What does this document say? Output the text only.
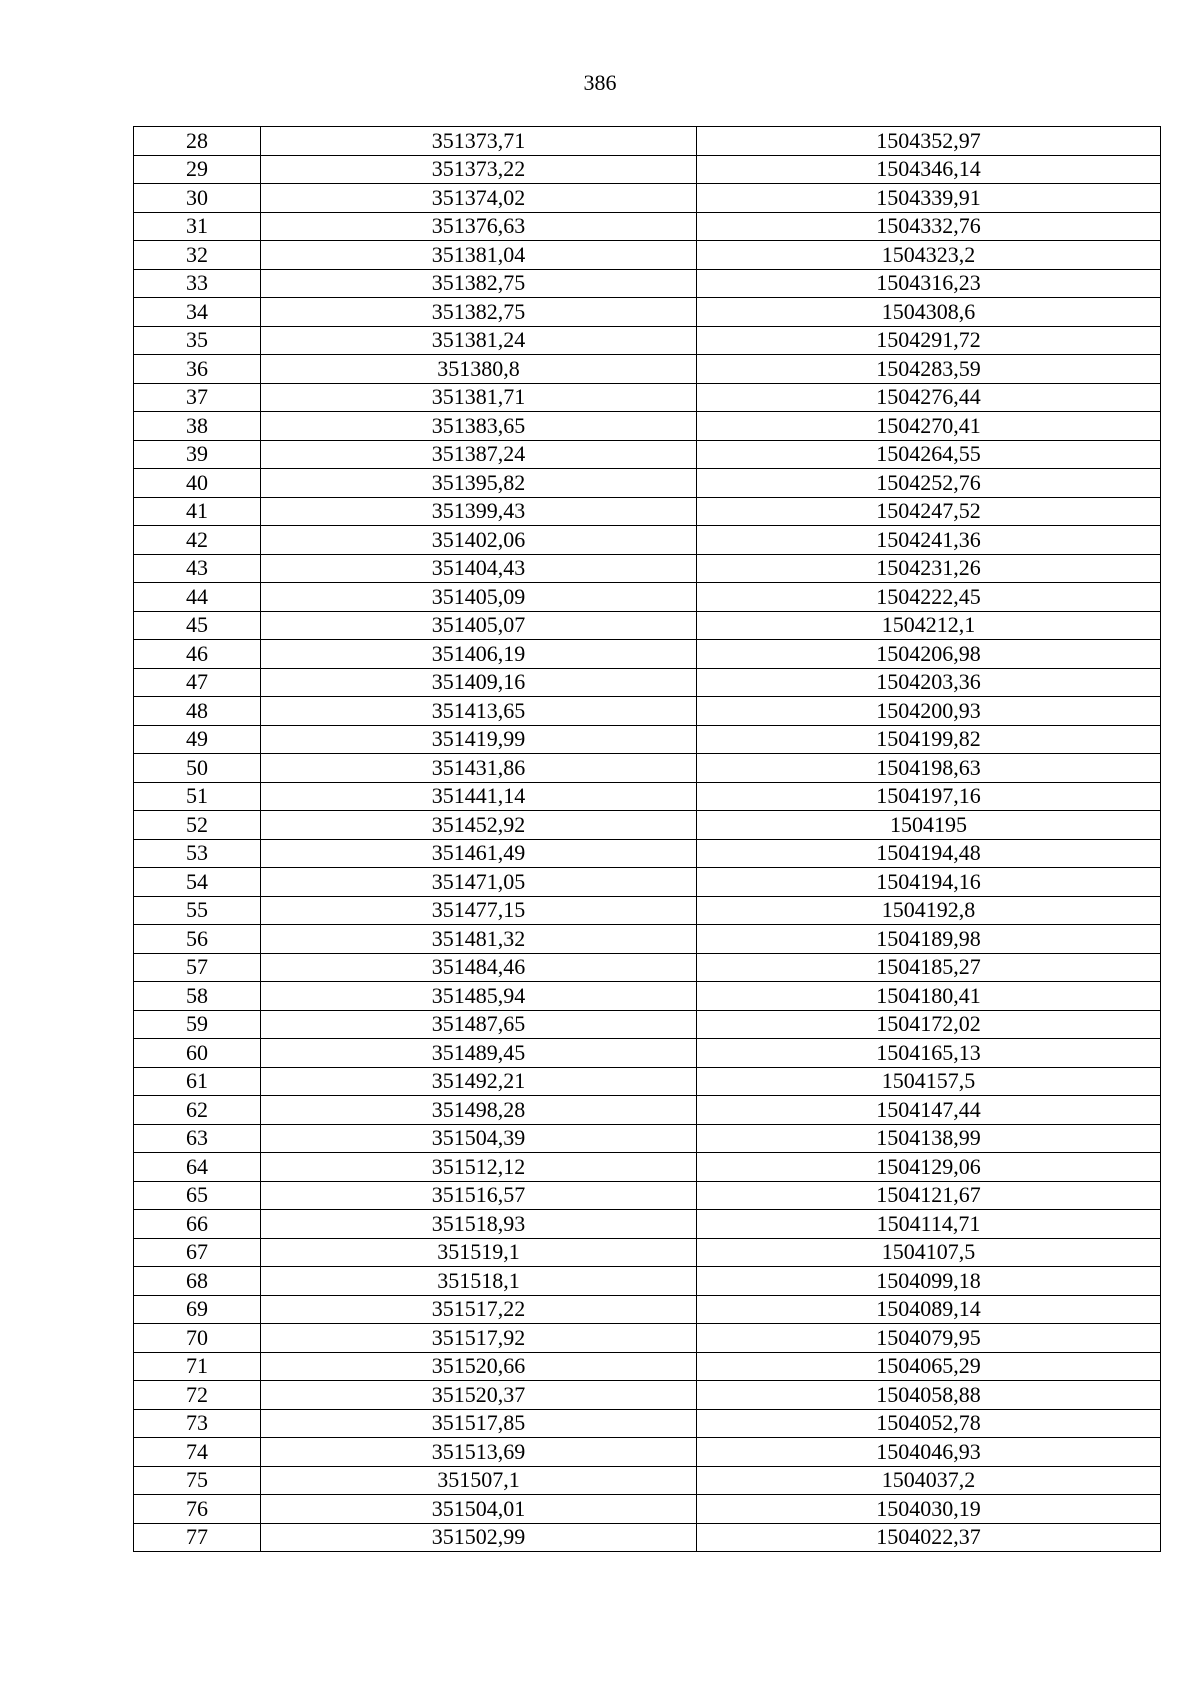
386
28	351373,71	1504352,97
29	351373,22	1504346,14
30	351374,02	1504339,91
31	351376,63	1504332,76
32	351381,04	1504323,2
33	351382,75	1504316,23
34	351382,75	1504308,6
35	351381,24	1504291,72
36	351380,8	1504283,59
37	351381,71	1504276,44
38	351383,65	1504270,41
39	351387,24	1504264,55
40	351395,82	1504252,76
41	351399,43	1504247,52
42	351402,06	1504241,36
43	351404,43	1504231,26
44	351405,09	1504222,45
45	351405,07	1504212,1
46	351406,19	1504206,98
47	351409,16	1504203,36
48	351413,65	1504200,93
49	351419,99	1504199,82
50	351431,86	1504198,63
51	351441,14	1504197,16
52	351452,92	1504195
53	351461,49	1504194,48
54	351471,05	1504194,16
55	351477,15	1504192,8
56	351481,32	1504189,98
57	351484,46	1504185,27
58	351485,94	1504180,41
59	351487,65	1504172,02
60	351489,45	1504165,13
61	351492,21	1504157,5
62	351498,28	1504147,44
63	351504,39	1504138,99
64	351512,12	1504129,06
65	351516,57	1504121,67
66	351518,93	1504114,71
67	351519,1	1504107,5
68	351518,1	1504099,18
69	351517,22	1504089,14
70	351517,92	1504079,95
71	351520,66	1504065,29
72	351520,37	1504058,88
73	351517,85	1504052,78
74	351513,69	1504046,93
75	351507,1	1504037,2
76	351504,01	1504030,19
77	351502,99	1504022,37
